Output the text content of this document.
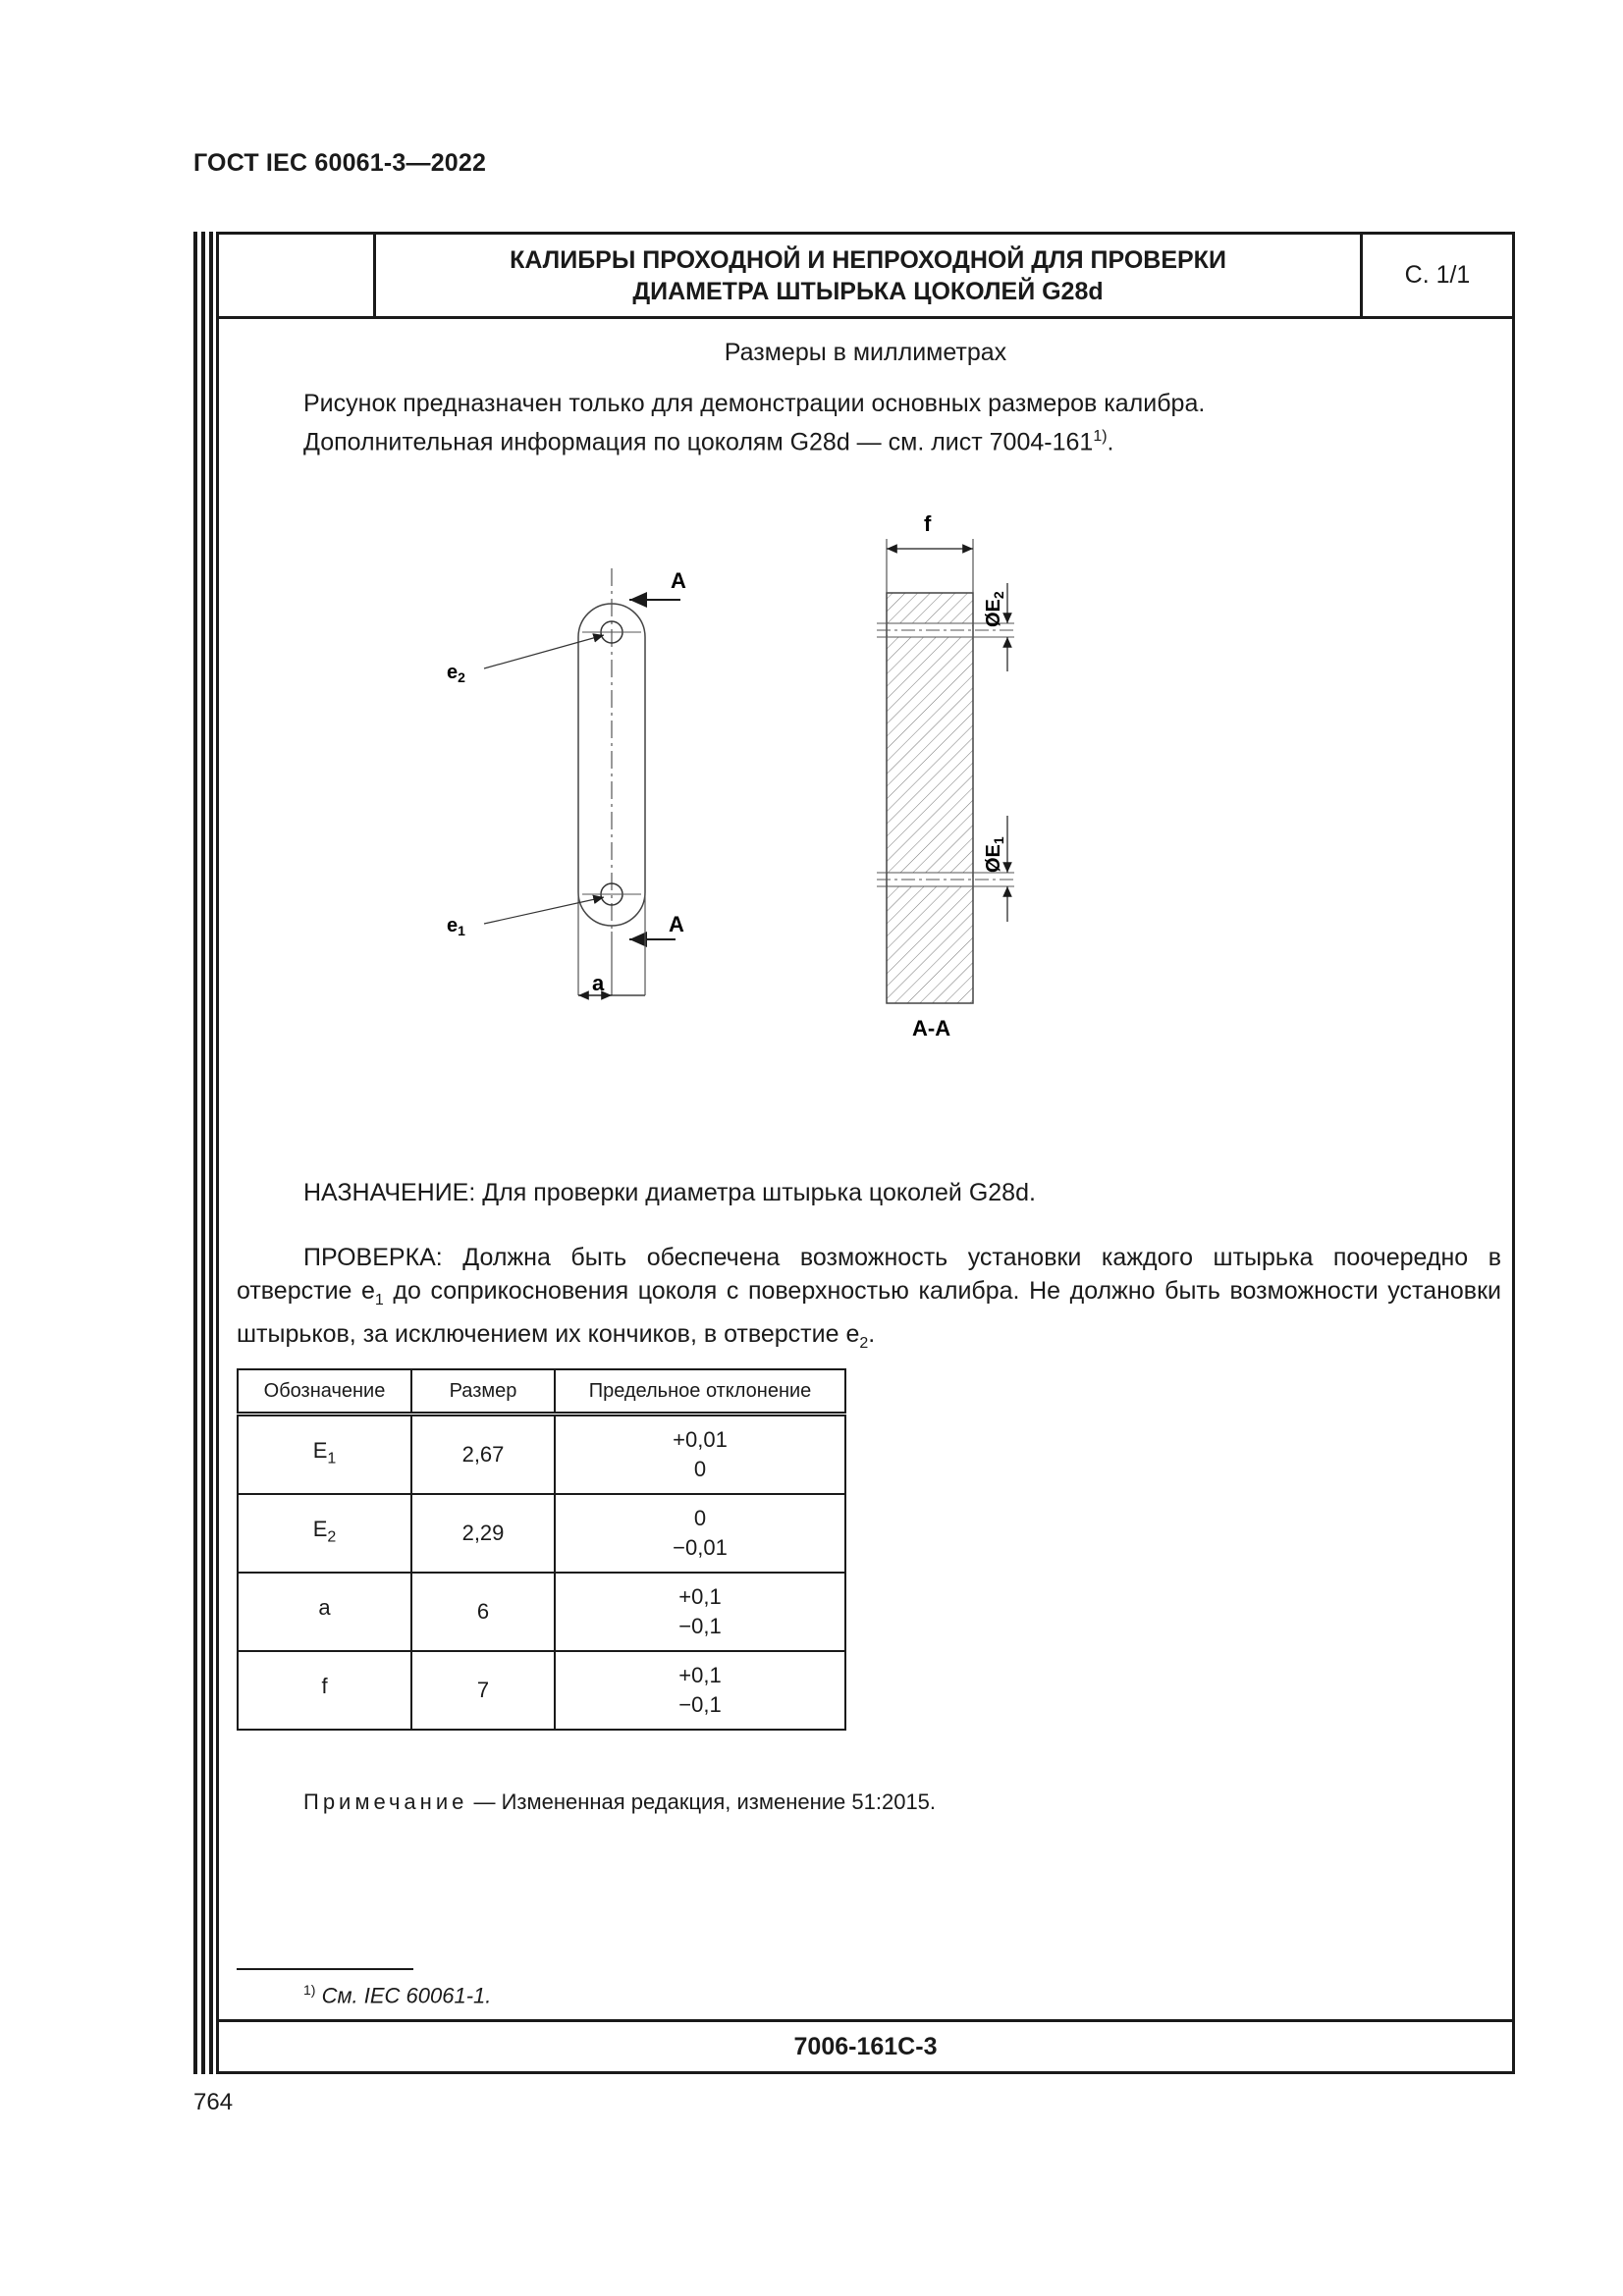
ГОСТ IEC 60061-3—2022
КАЛИБРЫ ПРОХОДНОЙ И НЕПРОХОДНОЙ ДЛЯ ПРОВЕРКИ
ДИАМЕТРА ШТЫРЬКА ЦОКОЛЕЙ G28d
С. 1/1
Размеры в миллиметрах
Рисунок предназначен только для демонстрации основных размеров калибра.
Дополнительная информация по цоколям G28d — см. лист 7004-161$^{1)}$.
A
A
$e_2$
$e_1$
a
f
A-A
$ØE_2$
$ØE_1$
НАЗНАЧЕНИЕ: Для проверки диаметра штырька цоколей G28d.
ПРОВЕРКА: Должна быть обеспечена возможность установки каждого штырька поочередно в отверстие $e_1$ до соприкосновения цоколя с поверхностью калибра. Не должно быть возможности установки штырьков, за исключением их кончиков, в отверстие $e_2$.
Обозначение	Размер	Предельное отклонение
$E_1$	2,67	+0,01
0

$E_2$	2,29	0
−0,01

a	6	+0,1
−0,1

f	7	+0,1
−0,1
Примечание — Измененная редакция, изменение 51:2015.
$^{1)}$ См. IEC 60061-1.
7006-161C-3
764
